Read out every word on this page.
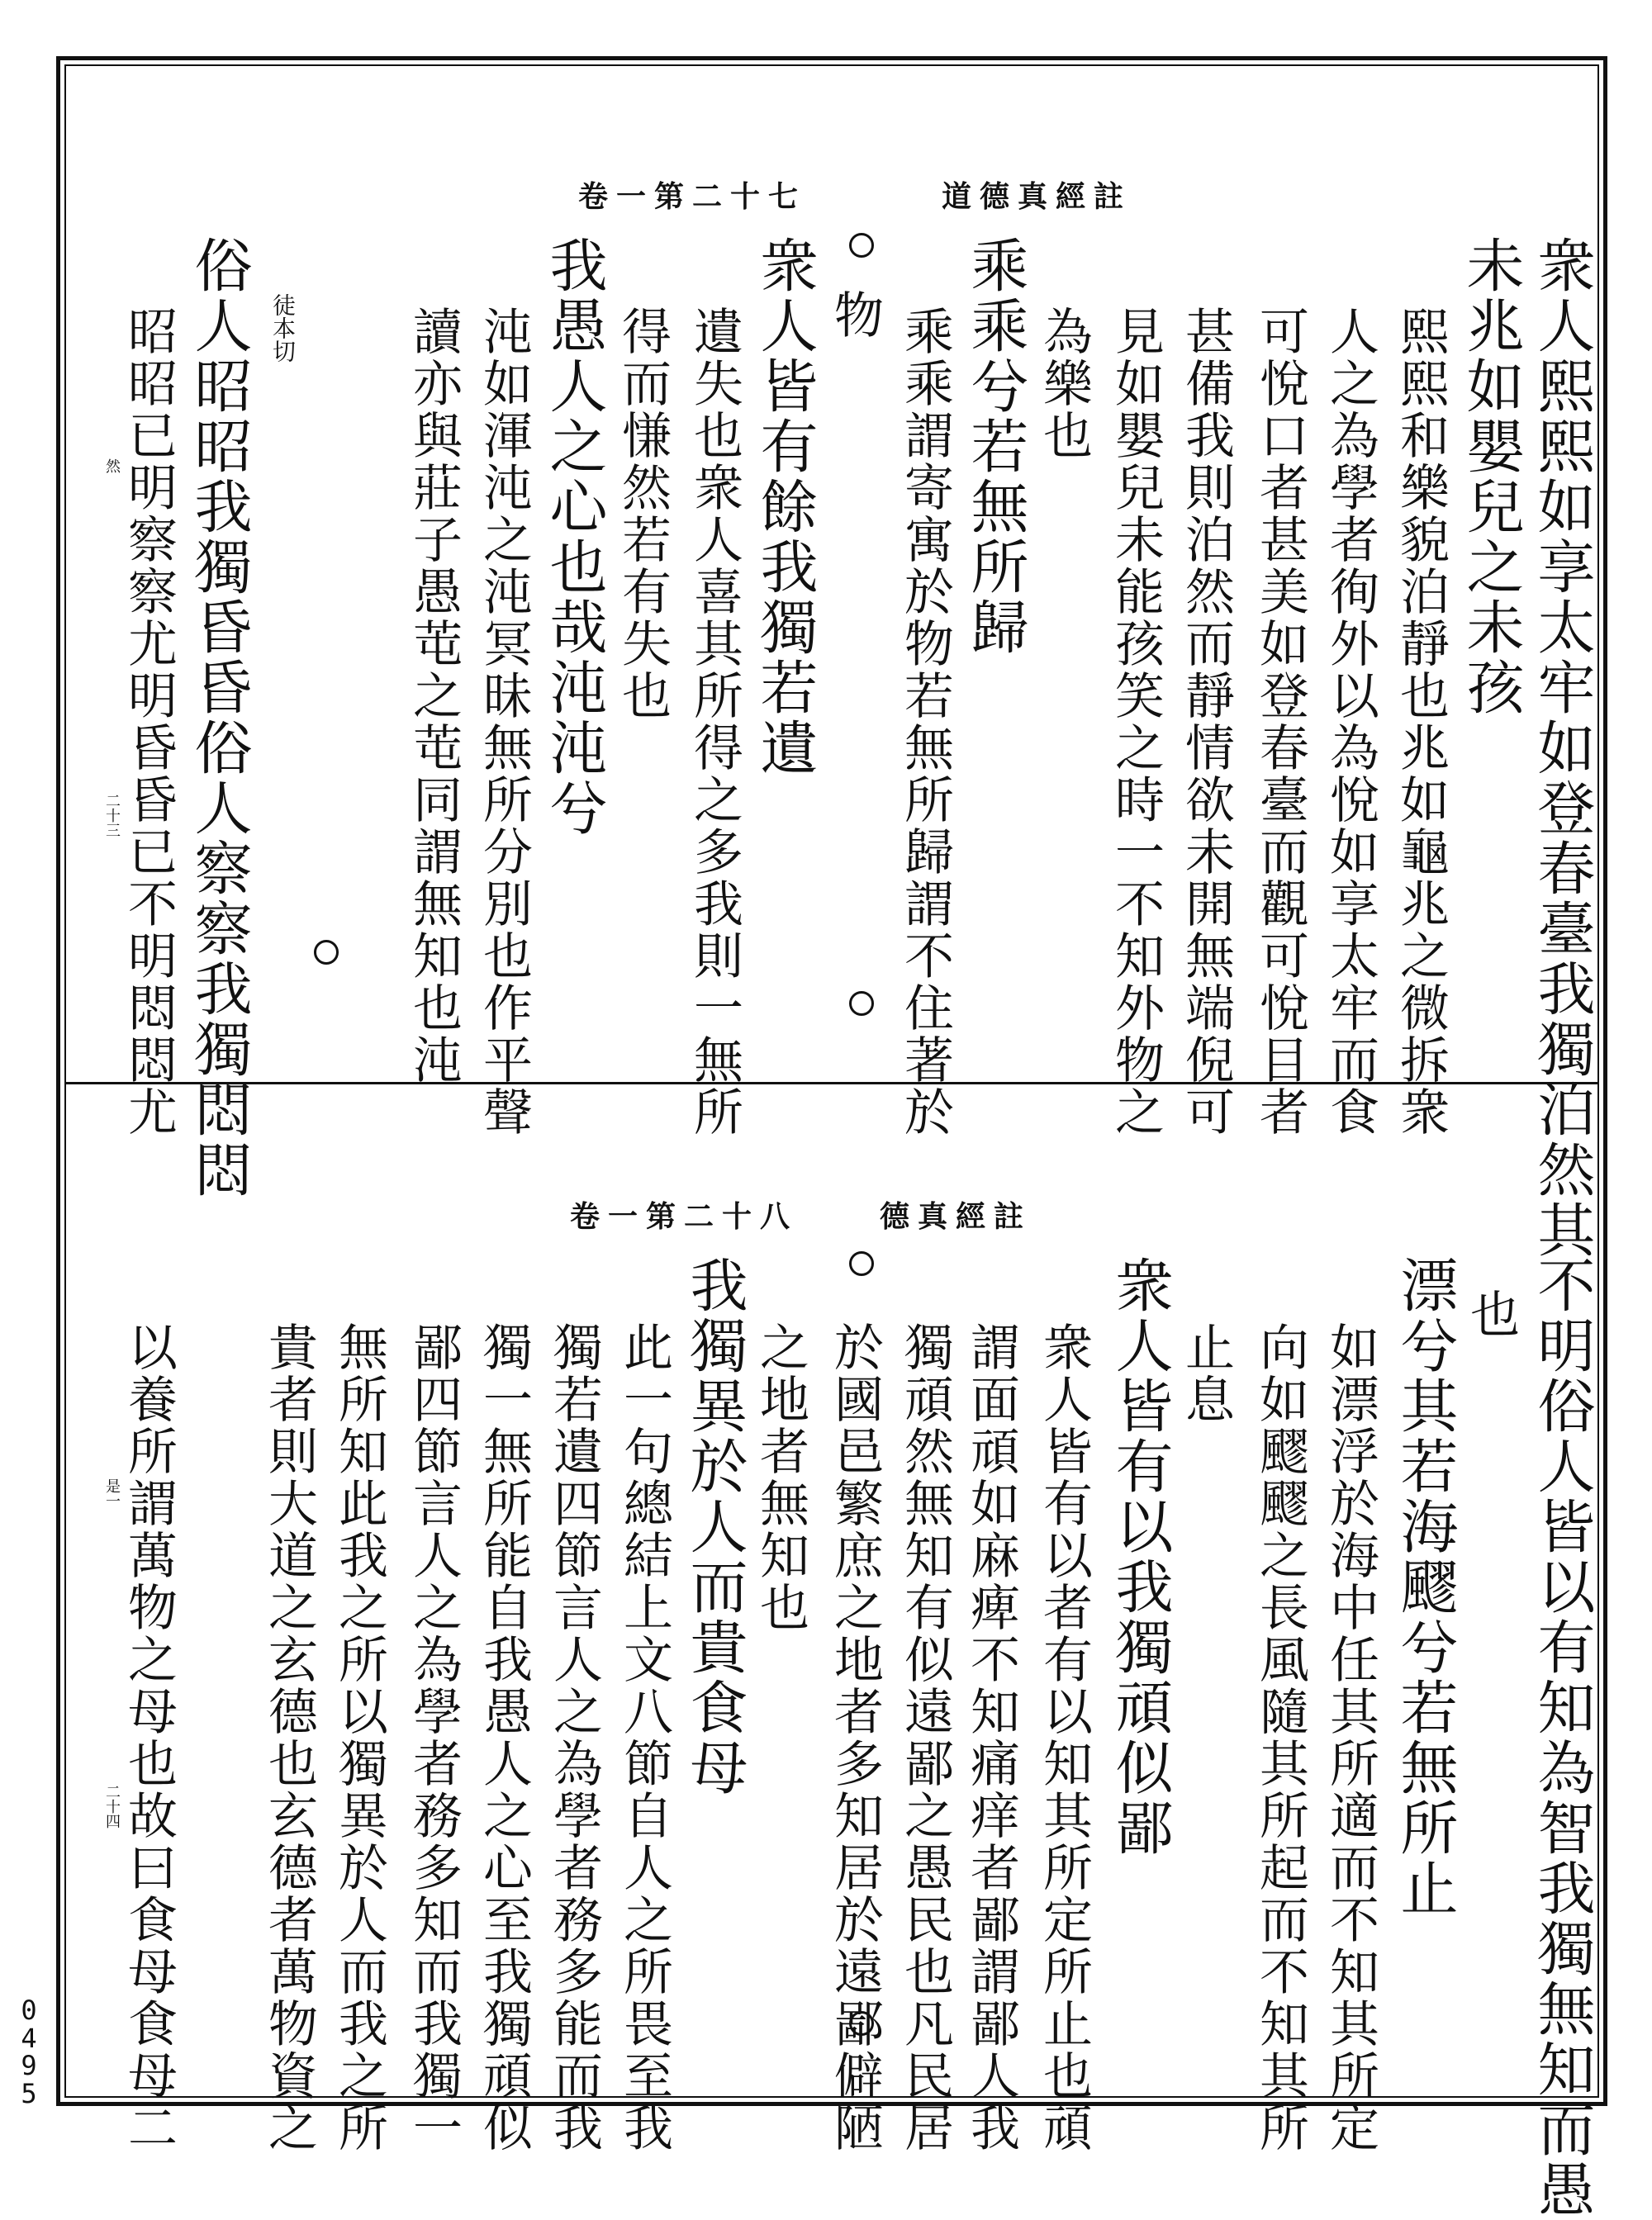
道德真經註
卷一第二十七
衆人熙熙如享太牢如登春臺我獨泊然其
未兆如嬰兒之未孩
熙熙和樂貌泊靜也兆如龜兆之微拆衆
人之為學者徇外以為悅如享太牢而食
可悅口者甚美如登春臺而觀可悅目者
甚備我則泊然而靜情欲未開無端倪可
見如嬰兒未能孩笑之時一不知外物之
為樂也
乘乘兮若無所歸
乘乘謂寄寓於物若無所歸謂不住著於
物
衆人皆有餘我獨若遺
遺失也衆人喜其所得之多我則一無所
得而慊然若有失也
我愚人之心也哉沌沌兮
沌如渾沌之沌冥昧無所分別也作平聲
讀亦與莊子愚芚之芚同謂無知也沌
徒本切
俗人昭昭我獨昏昏俗人察察我獨悶悶
昭昭已明察察尤明昏昏已不明悶悶尤
然
二十三
德真經註
卷一第二十八
不明俗人皆以有知為智我獨無知而愚
也
漂兮其若海飂兮若無所止
如漂浮於海中任其所適而不知其所定
向如飂飂之長風隨其所起而不知其所
止息
衆人皆有以我獨頑似鄙
衆人皆有以者有以知其所定所止也頑
謂面頑如麻痺不知痛痒者鄙謂鄙人我
獨頑然無知有似遠鄙之愚民也凡民居
於國邑繁庶之地者多知居於遠鄙僻陋
之地者無知也
我獨異於人而貴食母
此一句總結上文八節自人之所畏至我
獨若遺四節言人之為學者務多能而我
獨一無所能自我愚人之心至我獨頑似
鄙四節言人之為學者務多知而我獨一
無所知此我之所以獨異於人而我之所
貴者則大道之玄德也玄德者萬物資之
以養所謂萬物之母也故曰食母食母二
是一
二十四
0
4
9
5
